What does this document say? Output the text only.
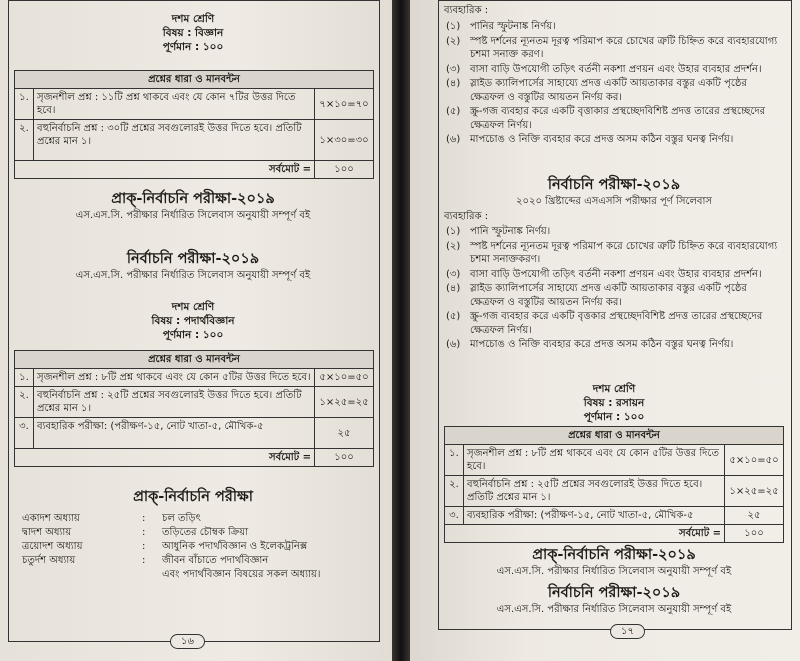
দশম শ্রেণি
বিষয় : বিজ্ঞান
পূর্ণমান : ১০০
প্রশ্নের ধারা ও মানবন্টন		
১.	সৃজনশীল প্রশ্ন : ১১টি প্রশ্ন থাকবে এবং যে কোন ৭টির উত্তর দিতে হবে।	৭×১০=৭০
২.	বহুনির্বাচনি প্রশ্ন : ৩০টি প্রশ্নের সবগুলোরই উত্তর দিতে হবে। প্রতিটি প্রশ্নের মান ১।	১×৩০=৩০
সর্বমোট =		১০০
প্রাক্-নির্বাচনি পরীক্ষা-২০১৯
এস.এস.সি. পরীক্ষার নির্ধারিত সিলেবাস অনুযায়ী সম্পূর্ণ বই
নির্বাচনি পরীক্ষা-২০১৯
এস.এস.সি. পরীক্ষার নির্ধারিত সিলেবাস অনুযায়ী সম্পূর্ণ বই
দশম শ্রেণি
বিষয় : পদার্থবিজ্ঞান
পূর্ণমান : ১০০
প্রশ্নের ধারা ও মানবন্টন		
১.	সৃজনশীল প্রশ্ন : ৮টি প্রশ্ন থাকবে এবং যে কোন ৫টির উত্তর দিতে হবে।	৫×১০=৫০
২.	বহুনির্বাচনি প্রশ্ন : ২৫টি প্রশ্নের সবগুলোরই উত্তর দিতে হবে। প্রতিটি প্রশ্নের মান ১।	১×২৫=২৫
৩.	ব্যবহারিক পরীক্ষা: (পরীক্ষণ-১৫, নোট খাতা-৫, মৌখিক-৫	২৫
সর্বমোট =		১০০
প্রাক্-নির্বাচনি পরীক্ষা
একাদশ অধ্যায়	: চল তড়িৎ
দ্বাদশ অধ্যায়	: তড়িতের চৌম্বক ক্রিয়া
ত্রয়োদশ অধ্যায়	: আধুনিক পদার্থবিজ্ঞান ও ইলেকট্রনিক্স
চতুর্দশ অধ্যায়	: জীবন বাঁচাতে পদার্থবিজ্ঞান
এবং পদার্থবিজ্ঞান বিষয়ের সকল অধ্যায়।
১৬
ব্যবহারিক :
(১) পানির স্ফুটনাঙ্ক নির্ণয়।
(২) স্পষ্ট দর্শনের ন্যূনতম দূরত্ব পরিমাপ করে চোখের ত্রুটি চিহ্নিত করে ব্যবহারযোগ্য চশমা সনাক্ত করণ।
(৩) বাসা বাড়ি উপযোগী তড়িৎ বর্তনী নকশা প্রণয়ন এবং উহার ব্যবহার প্রদর্শন।
(৪) স্লাইড ক্যালিপার্সের সাহায্যে প্রদত্ত একটি আয়তাকার বস্তুর একটি পৃষ্ঠের ক্ষেত্রফল ও বস্তুটির আয়তন নির্ণয় কর।
(৫) স্ক্রু-গজ ব্যবহার করে একটি বৃত্তাকার প্রস্থচ্ছেদবিশিষ্ট প্রদত্ত তারের প্রস্থচ্ছেদের ক্ষেত্রফল নির্ণয়।
(৬) মাপচোঙ ও নিক্তি ব্যবহার করে প্রদত্ত অসম কঠিন বস্তুর ঘনত্ব নির্ণয়।
নির্বাচনি পরীক্ষা-২০১৯
২০২০ খ্রিষ্টাব্দের এসএসসি পরীক্ষার পূর্ণ সিলেবাস
ব্যবহারিক :
(১) পানি স্ফুটনাঙ্ক নির্ণয়।
(২) স্পষ্ট দর্শনের ন্যূনতম দূরত্ব পরিমাপ করে চোখের ত্রুটি চিহ্নিত করে ব্যবহারযোগ্য চশমা সনাক্তকরণ।
(৩) বাসা বাড়ি উপযোগী তড়িৎ বর্তনী নকশা প্রণয়ন এবং উহার ব্যবহার প্রদর্শন।
(৪) স্লাইড ক্যালিপার্সের সাহায্যে প্রদত্ত একটি আয়তাকার বস্তুর একটি পৃষ্ঠের ক্ষেত্রফল ও বস্তুটির আয়তন নির্ণয় কর।
(৫) স্ক্রু-গজ ব্যবহার করে একটি বৃত্তকার প্রস্থচ্ছেদবিশিষ্ট প্রদত্ত তারের প্রস্থচ্ছেদের ক্ষেত্রফল নির্ণয়।
(৬) মাপচোঙ ও নিক্তি ব্যবহার করে প্রদত্ত অসম কঠিন বস্তুর ঘনত্ব নির্ণয়।
দশম শ্রেণি
বিষয় : রসায়ন
পূর্ণমান : ১০০
প্রশ্নের ধারা ও মানবন্টন		
১.	সৃজনশীল প্রশ্ন : ৮টি প্রশ্ন থাকবে এবং যে কোন ৫টির উত্তর দিতে হবে।	৫×১০=৫০
২.	বহুনির্বাচনি প্রশ্ন : ২৫টি প্রশ্নের সবগুলোরই উত্তর দিতে হবে। প্রতিটি প্রশ্নের মান ১।	১×২৫=২৫
৩.	ব্যবহারিক পরীক্ষা: (পরীক্ষণ-১৫, নোট খাতা-৫, মৌখিক-৫	২৫
সর্বমোট =		১০০
প্রাক্-নির্বাচনি পরীক্ষা-২০১৯
এস.এস.সি. পরীক্ষার নির্ধারিত সিলেবাস অনুযায়ী সম্পূর্ণ বই
নির্বাচনি পরীক্ষা-২০১৯
এস.এস.সি. পরীক্ষার নির্ধারিত সিলেবাস অনুযায়ী সম্পূর্ণ বই
১৭
